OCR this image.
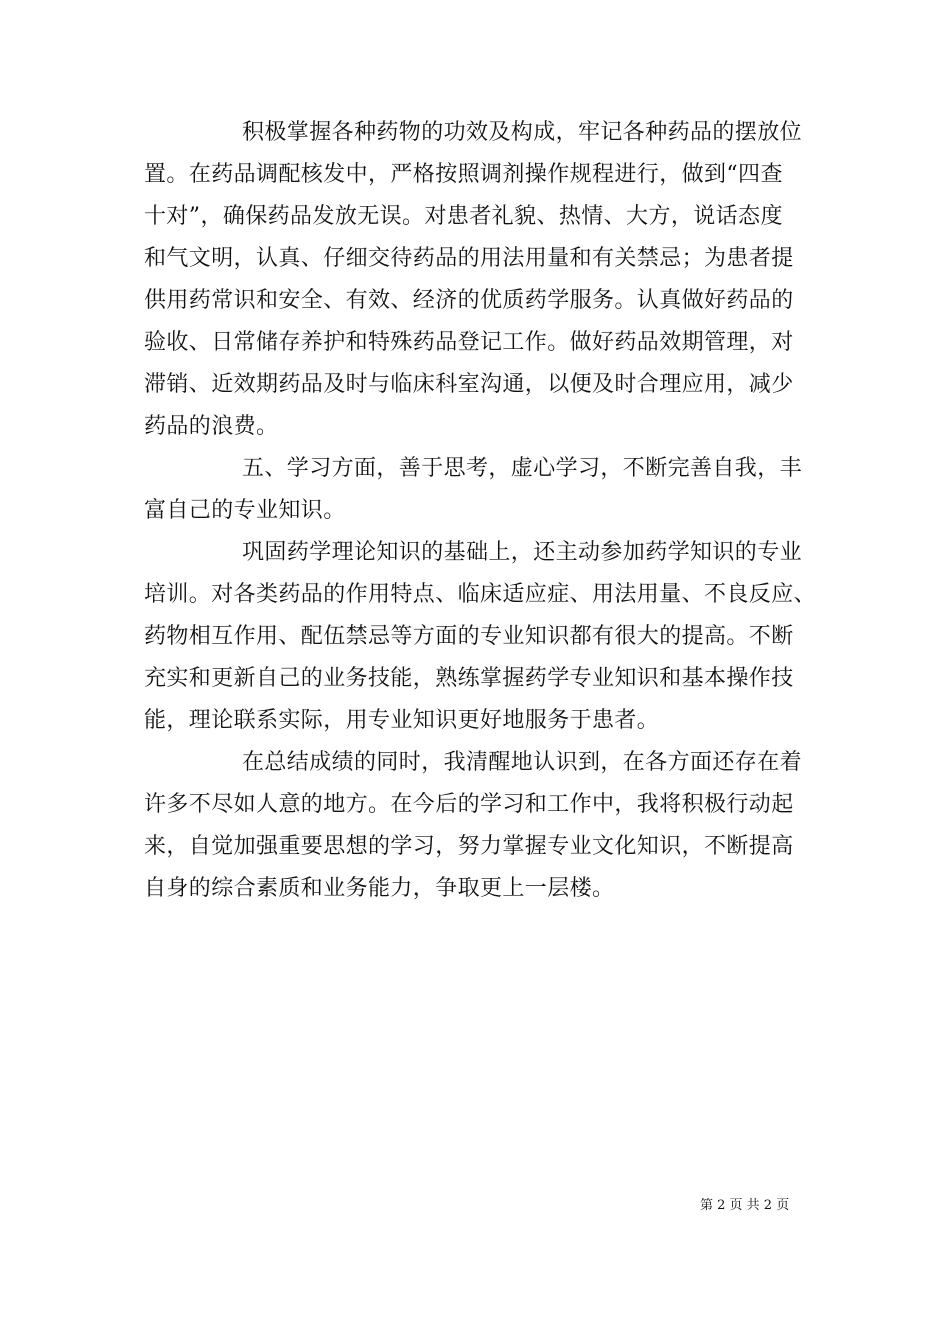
积极掌握各种药物的功效及构成，牢记各种药品的摆放位
置。在药品调配核发中，严格按照调剂操作规程进行，做到“四查
十对”，确保药品发放无误。对患者礼貌、热情、大方，说话态度
和气文明，认真、仔细交待药品的用法用量和有关禁忌；为患者提
供用药常识和安全、有效、经济的优质药学服务。认真做好药品的
验收、日常储存养护和特殊药品登记工作。做好药品效期管理，对
滞销、近效期药品及时与临床科室沟通，以便及时合理应用，减少
药品的浪费。
五、学习方面，善于思考，虚心学习，不断完善自我，丰
富自己的专业知识。
巩固药学理论知识的基础上，还主动参加药学知识的专业
培训。对各类药品的作用特点、临床适应症、用法用量、不良反应、
药物相互作用、配伍禁忌等方面的专业知识都有很大的提高。不断
充实和更新自己的业务技能，熟练掌握药学专业知识和基本操作技
能，理论联系实际，用专业知识更好地服务于患者。
在总结成绩的同时，我清醒地认识到，在各方面还存在着
许多不尽如人意的地方。在今后的学习和工作中，我将积极行动起
来，自觉加强重要思想的学习，努力掌握专业文化知识，不断提高
自身的综合素质和业务能力，争取更上一层楼。
第 2 页 共 2 页
